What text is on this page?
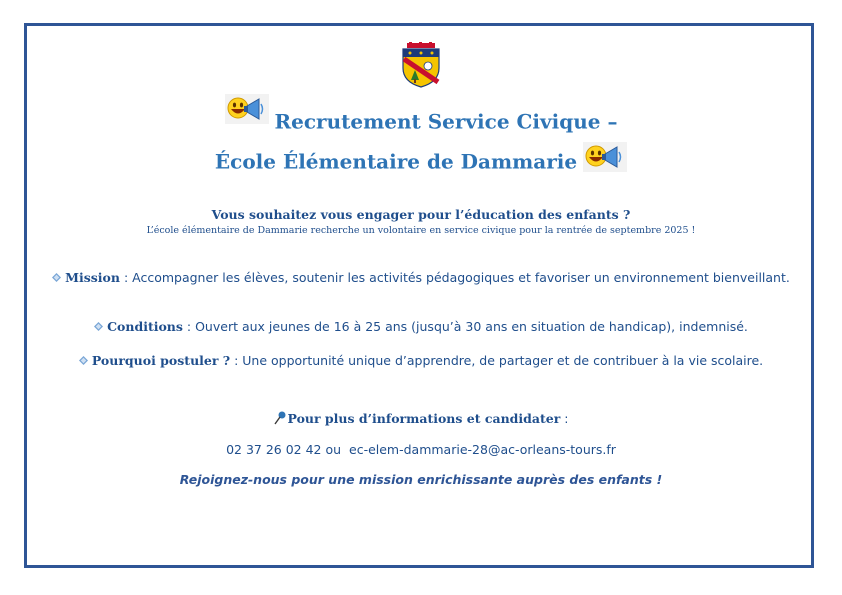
Recrutement Service Civique –
École Élémentaire de Dammarie
Vous souhaitez vous engager pour l’éducation des enfants ?
L’école élémentaire de Dammarie recherche un volontaire en service civique pour la rentrée de septembre 2025 !
Mission : Accompagner les élèves, soutenir les activités pédagogiques et favoriser un environnement bienveillant.
Conditions : Ouvert aux jeunes de 16 à 25 ans (jusqu’à 30 ans en situation de handicap), indemnisé.
Pourquoi postuler ? : Une opportunité unique d’apprendre, de partager et de contribuer à la vie scolaire.
Pour plus d’informations et candidater :
02 37 26 02 42 ou  ec-elem-dammarie-28@ac-orleans-tours.fr
Rejoignez-nous pour une mission enrichissante auprès des enfants !
